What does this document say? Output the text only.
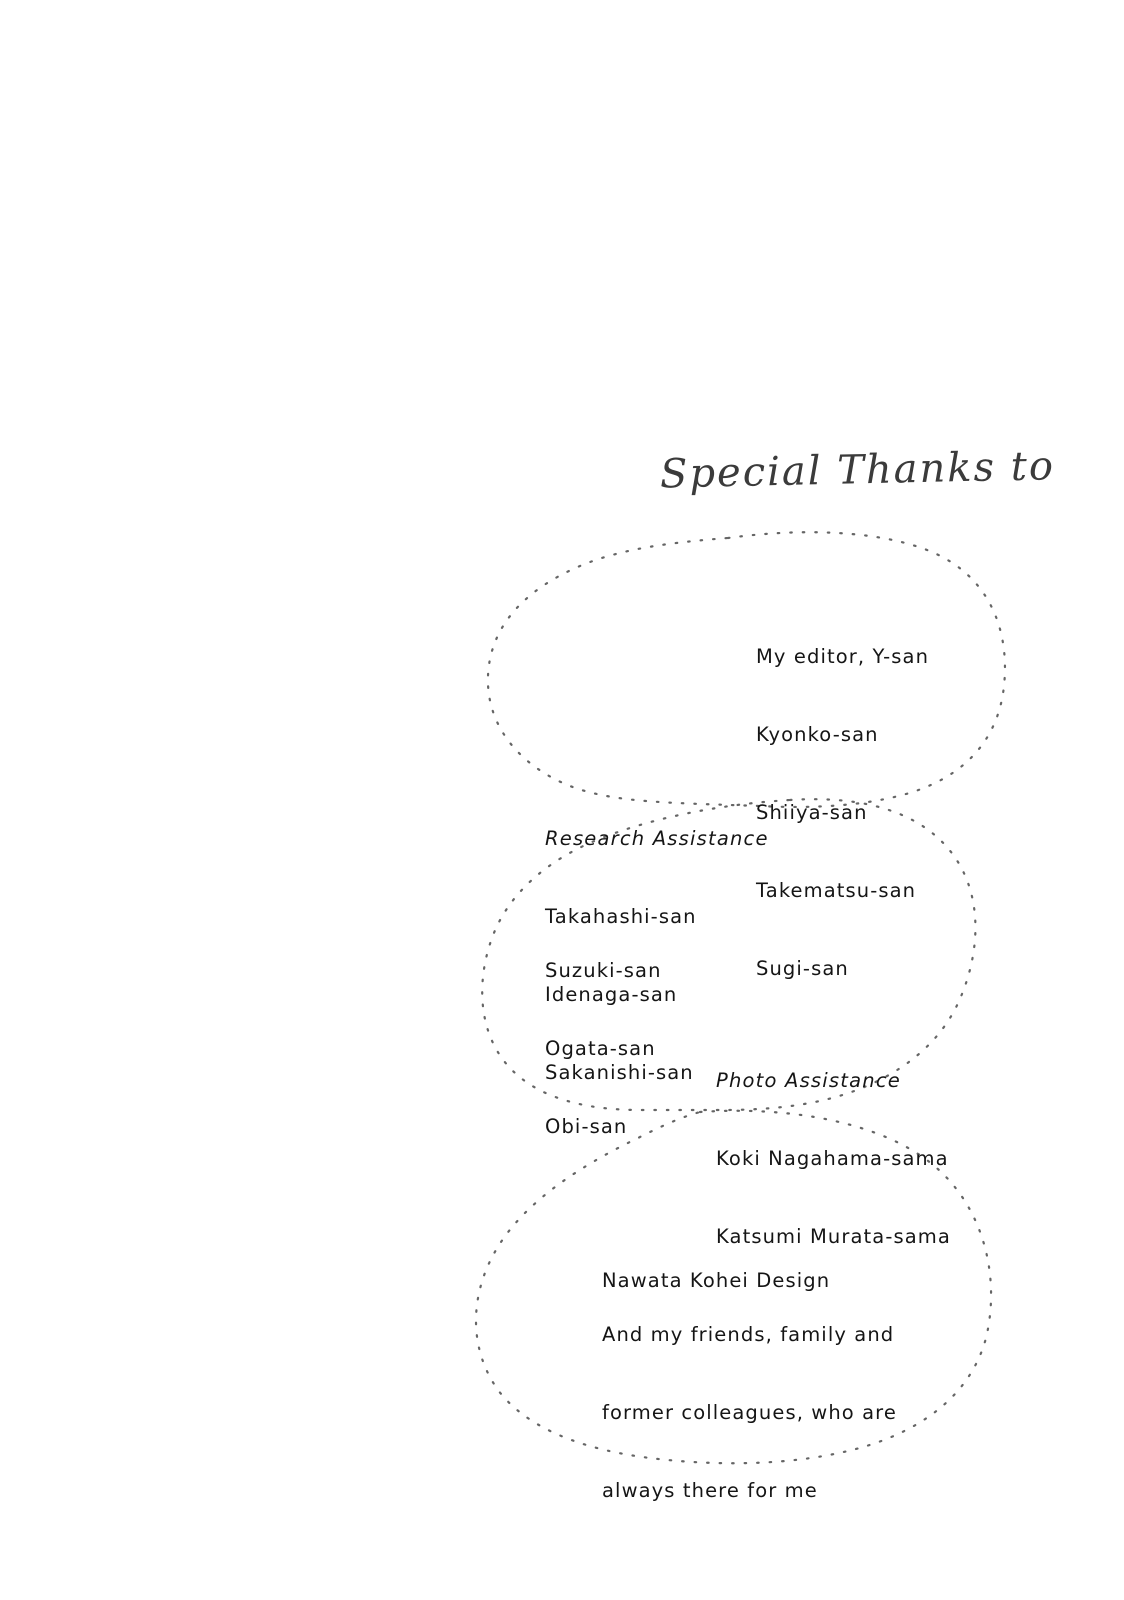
Special Thanks to

My editor, Y-san

Kyonko-san

Shiiya-san

Takematsu-san

Sugi-san

Research Assistance

Takahashi-san

Idenaga-san

Sakanishi-san

Suzuki-san

Ogata-san

Obi-san

Photo Assistance

Koki Nagahama-sama

Katsumi Murata-sama

Nawata Kohei Design

And my friends, family and

former colleagues, who are

always there for me
